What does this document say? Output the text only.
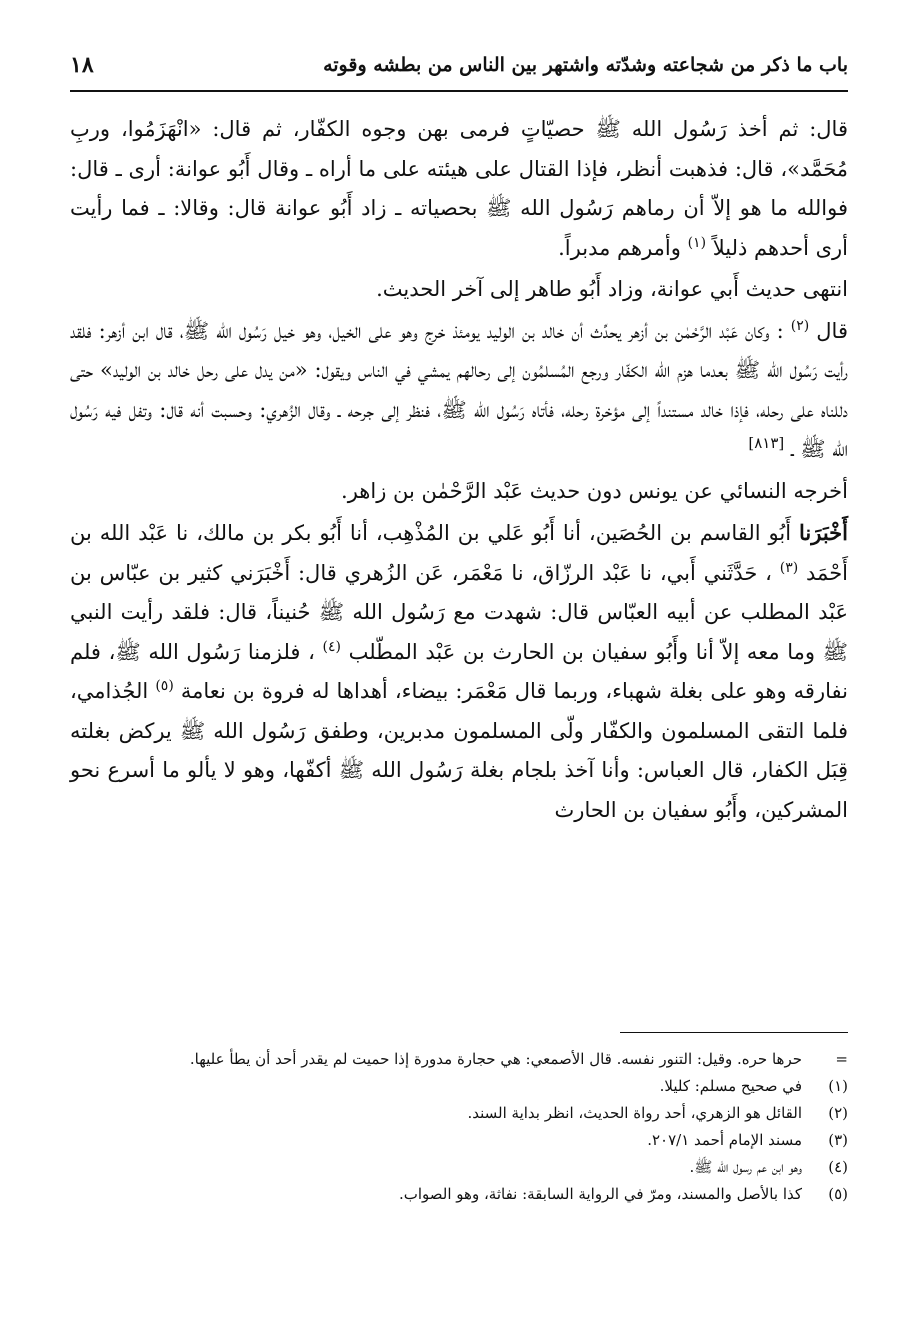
باب ما ذكر من شجاعته وشدّته واشتهر بين الناس من بطشه وقوته
١٨

قال: ثم أخذ رَسُول الله ﷺ حصيّاتٍ فرمى بهن وجوه الكفّار، ثم قال: «انْهَزَمُوا، وربِ مُحَمَّد»، قال: فذهبت أنظر، فإذا القتال على هيئته على ما أراه ـ وقال أَبُو عوانة: أرى ـ قال: فوالله ما هو إلاّ أن رماهم رَسُول الله ﷺ بحصياته ـ زاد أَبُو عوانة قال: وقالا: ـ فما رأيت أرى أحدهم ذليلاً $^{(١)}$ وأمرهم مدبراً.

انتهى حديث أَبي عوانة، وزاد أَبُو طاهر إلى آخر الحديث.

قال $^{(٢)}$ : وكان عَبْد الرَّحْمٰن بن أزهر يحدِّث أن خالد بن الوليد يومئذ خرج وهو على الخيل، وهو خيل رَسُول الله ﷺ، قال ابن أزهر: فلقد رأيت رَسُول الله ﷺ بعدما هزم الله الكفّار ورجع المُسلمُون إلى رحالهم يمشي في الناس ويقول: «من يدل على رحل خالد بن الوليد» حتى دللناه على رحله، فإذا خالد مستنداً إلى مؤخرة رحله، فأتاه رَسُول الله ﷺ، فنظر إلى جرحه ـ وقال الزُهري: وحسبت أنه قال: وتفل فيه رَسُول الله ﷺ ـ [٨١٣]

أخرجه النسائي عن يونس دون حديث عَبْد الرَّحْمٰن بن زاهر.

أَخْبَرَنا أَبُو القاسم بن الحُصَين، أنا أَبُو عَلي بن المُذْهِب، أنا أَبُو بكر بن مالك، نا عَبْد الله بن أَحْمَد $^{(٣)}$ ، حَدَّثَني أَبي، نا عَبْد الرزّاق، نا مَعْمَر، عَن الزُهري قال: أَخْبَرَني كثير بن عبّاس بن عَبْد المطلب عن أبيه العبّاس قال: شهدت مع رَسُول الله ﷺ حُنيناً، قال: فلقد رأيت النبي ﷺ وما معه إلاّ أنا وأَبُو سفيان بن الحارث بن عَبْد المطّلب $^{(٤)}$ ، فلزمنا رَسُول الله ﷺ، فلم نفارقه وهو على بغلة شهباء، وربما قال مَعْمَر: بيضاء، أهداها له فروة بن نعامة $^{(٥)}$ الجُذامي، فلما التقى المسلمون والكفّار ولّى المسلمون مدبرين، وطفق رَسُول الله ﷺ يركض بغلته قِبَل الكفار، قال العباس: وأنا آخذ بلجام بغلة رَسُول الله ﷺ أكفّها، وهو لا يألو ما أسرع نحو المشركين، وأَبُو سفيان بن الحارث

=
حرها حره. وقيل: التنور نفسه. قال الأصمعي: هي حجارة مدورة إذا حميت لم يقدر أحد أن يطأ عليها.
(١)
في صحيح مسلم: كليلا.
(٢)
القائل هو الزهري، أحد رواة الحديث، انظر بداية السند.
(٣)
مسند الإمام أحمد ٢٠٧/١.
(٤)
وهو ابن عم رسول الله ﷺ.
(٥)
كذا بالأصل والمسند، ومرّ في الرواية السابقة: نفاثة، وهو الصواب.
